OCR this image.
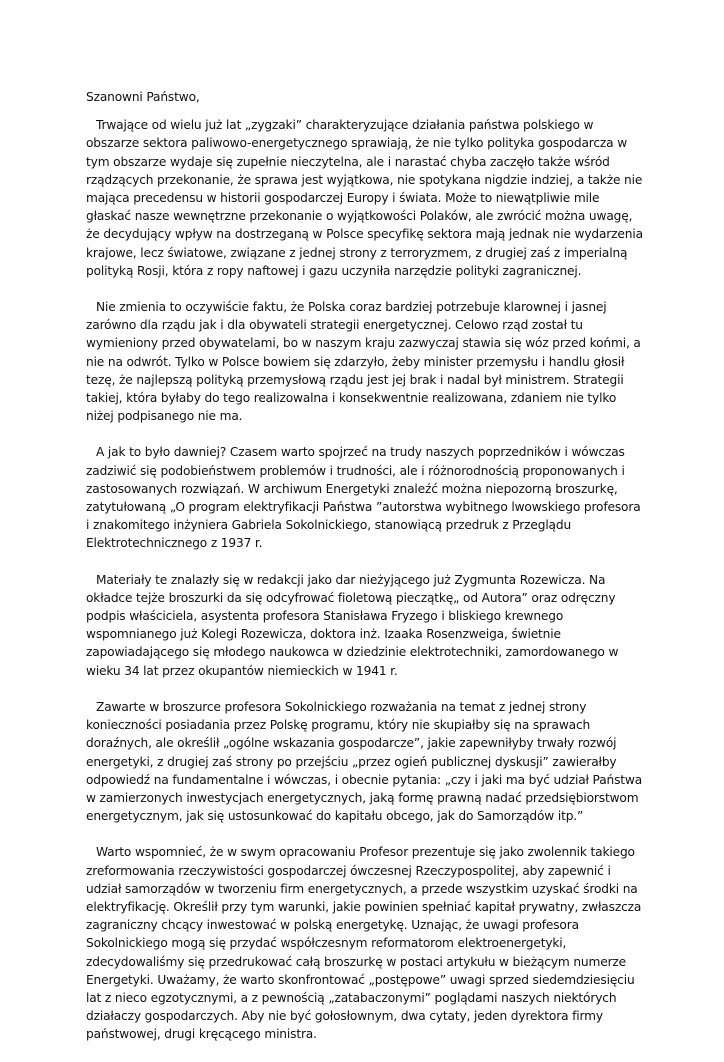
Szanowni Państwo,

Trwające od wielu już lat „zygzaki” charakteryzujące działania państwa polskiego w obszarze sektora paliwowo-energetycznego sprawiają, że nie tylko polityka gospodarcza w tym obszarze wydaje się zupełnie nieczytelna, ale i narastać chyba zaczęło także wśród rządzących przekonanie, że sprawa jest wyjątkowa, nie spotykana nigdzie indziej, a także nie mająca precedensu w historii gospodarczej Europy i świata. Może to niewątpliwie mile głaskać nasze wewnętrzne przekonanie o wyjątkowości Polaków, ale zwrócić można uwagę, że decydujący wpływ na dostrzeganą w Polsce specyfikę sektora mają jednak nie wydarzenia krajowe, lecz światowe, związane z jednej strony z terroryzmem, z drugiej zaś z imperialną polityką Rosji, która z ropy naftowej i gazu uczyniła narzędzie polityki zagranicznej.

Nie zmienia to oczywiście faktu, że Polska coraz bardziej potrzebuje klarownej i jasnej zarówno dla rządu jak i dla obywateli strategii energetycznej. Celowo rząd został tu wymieniony przed obywatelami, bo w naszym kraju zazwyczaj stawia się wóz przed końmi, a nie na odwrót. Tylko w Polsce bowiem się zdarzyło, żeby minister przemysłu i handlu głosił tezę, że najlepszą polityką przemysłową rządu jest jej brak i nadal był ministrem. Strategii takiej, która byłaby do tego realizowalna i konsekwentnie realizowana, zdaniem nie tylko niżej podpisanego nie ma.

A jak to było dawniej? Czasem warto spojrzeć na trudy naszych poprzedników i wówczas zadziwić się podobieństwem problemów i trudności, ale i różnorodnością proponowanych i zastosowanych rozwiązań. W archiwum Energetyki znaleźć można niepozorną broszurkę, zatytułowaną „O program elektryfikacji Państwa ”autorstwa wybitnego lwowskiego profesora i znakomitego inżyniera Gabriela Sokolnickiego, stanowiącą przedruk z Przeglądu Elektrotechnicznego z 1937 r.

Materiały te znalazły się w redakcji jako dar nieżyjącego już Zygmunta Rozewicza. Na okładce tejże broszurki da się odcyfrować fioletową pieczątkę„ od Autora” oraz odręczny podpis właściciela, asystenta profesora Stanisława Fryzego i bliskiego krewnego wspomnianego już Kolegi Rozewicza, doktora inż. Izaaka Rosenzweiga, świetnie zapowiadającego się młodego naukowca w dziedzinie elektrotechniki, zamordowanego w wieku 34 lat przez okupantów niemieckich w 1941 r.

Zawarte w broszurce profesora Sokolnickiego rozważania na temat z jednej strony konieczności posiadania przez Polskę programu, który nie skupiałby się na sprawach doraźnych, ale określił „ogólne wskazania gospodarcze”, jakie zapewniłyby trwały rozwój energetyki, z drugiej zaś strony po przejściu „przez ogień publicznej dyskusji” zawierałby odpowiedź na fundamentalne i wówczas, i obecnie pytania: „czy i jaki ma być udział Państwa w zamierzonych inwestycjach energetycznych, jaką formę prawną nadać przedsiębiorstwom energetycznym, jak się ustosunkować do kapitału obcego, jak do Samorządów itp.”

Warto wspomnieć, że w swym opracowaniu Profesor prezentuje się jako zwolennik takiego zreformowania rzeczywistości gospodarczej ówczesnej Rzeczypospolitej, aby zapewnić i udział samorządów w tworzeniu firm energetycznych, a przede wszystkim uzyskać środki na elektryfikację. Określił przy tym warunki, jakie powinien spełniać kapitał prywatny, zwłaszcza zagraniczny chcący inwestować w polską energetykę. Uznając, że uwagi profesora Sokolnickiego mogą się przydać współczesnym reformatorom elektroenergetyki, zdecydowaliśmy się przedrukować całą broszurkę w postaci artykułu w bieżącym numerze Energetyki. Uważamy, że warto skonfrontować „postępowe” uwagi sprzed siedemdziesięciu lat z nieco egzotycznymi, a z pewnością „zatabaczonymi” poglądami naszych niektórych działaczy gospodarczych. Aby nie być gołosłownym, dwa cytaty, jeden dyrektora firmy państwowej, drugi kręcącego ministra.
